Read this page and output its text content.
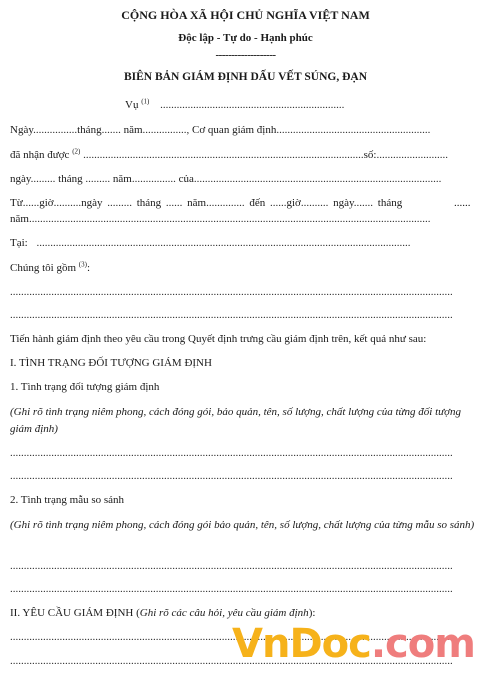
CỘNG HÒA XÃ HỘI CHỦ NGHĨA VIỆT NAM
Độc lập - Tự do - Hạnh phúc
-------------------
BIÊN BẢN GIÁM ĐỊNH DẤU VẾT SÚNG, ĐẠN
Vụ $^{(1)}$ ...................................................................
Ngày................tháng....... năm................, Cơ quan giám định........................................................
đã nhận được $^{(2)}$ ......................................................................................................số:..........................
ngày......... tháng ......... năm................ của..........................................................................................
Từ......giờ..........ngày ......... tháng ...... năm.............. đến ......giờ.......... ngày....... tháng	......
năm..................................................................................................................................................
Tại: ........................................................................................................................................
Chúng tôi gồm $^{(3)}$:
.................................................................................................................................................................
.................................................................................................................................................................
Tiến hành giám định theo yêu cầu trong Quyết định trưng cầu giám định trên, kết quả như sau:
I. TÌNH TRẠNG ĐỐI TƯỢNG GIÁM ĐỊNH
1. Tình trạng đối tượng giám định
(Ghi rõ tình trạng niêm phong, cách đóng gói, bảo quản, tên, số lượng, chất lượng của từng đối tượng giám định)
.................................................................................................................................................................
.................................................................................................................................................................
2. Tình trạng mẫu so sánh
(Ghi rõ tình trạng niêm phong, cách đóng gói bảo quản, tên, số lượng, chất lượng của từng mẫu so sánh)
.................................................................................................................................................................
.................................................................................................................................................................
II. YÊU CẦU GIÁM ĐỊNH (Ghi rõ các câu hỏi, yêu cầu giám định):
.................................................................................................................................................................
.................................................................................................................................................................
VnDoc.com
